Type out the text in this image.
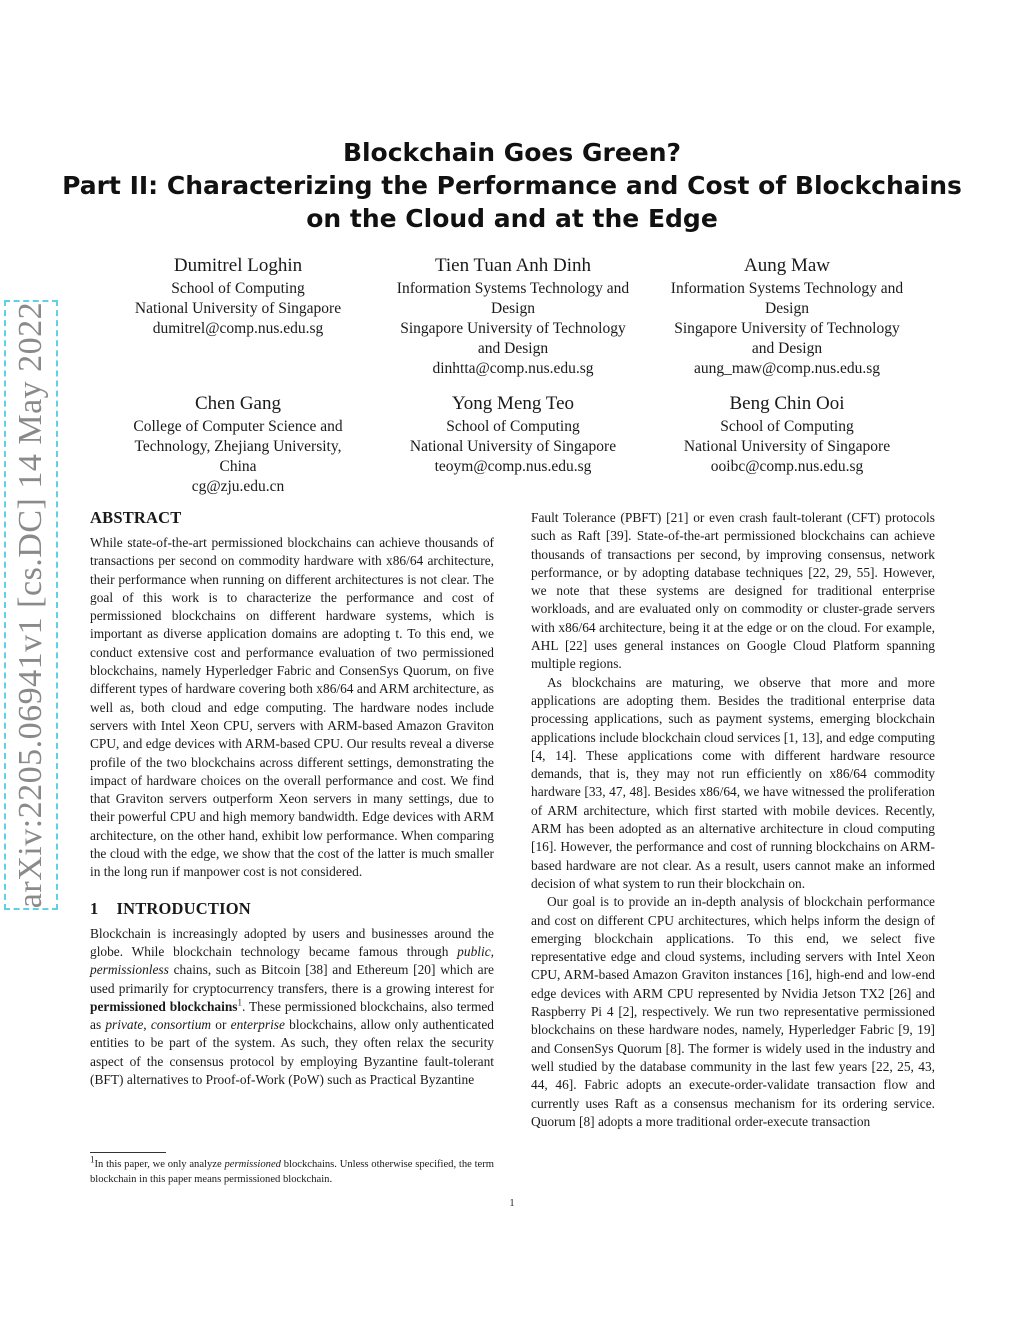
arXiv:2205.06941v1 [cs.DC] 14 May 2022
Blockchain Goes Green?
Part II: Characterizing the Performance and Cost of Blockchains
on the Cloud and at the Edge
Dumitrel Loghin
School of Computing
National University of Singapore
dumitrel@comp.nus.edu.sg
Tien Tuan Anh Dinh
Information Systems Technology and
Design
Singapore University of Technology
and Design
dinhtta@comp.nus.edu.sg
Aung Maw
Information Systems Technology and
Design
Singapore University of Technology
and Design
aung_maw@comp.nus.edu.sg
Chen Gang
College of Computer Science and
Technology, Zhejiang University,
China
cg@zju.edu.cn
Yong Meng Teo
School of Computing
National University of Singapore
teoym@comp.nus.edu.sg
Beng Chin Ooi
School of Computing
National University of Singapore
ooibc@comp.nus.edu.sg
ABSTRACT

While state-of-the-art permissioned blockchains can achieve thousands of transactions per second on commodity hardware with x86/64 architecture, their performance when running on different architectures is not clear. The goal of this work is to characterize the performance and cost of permissioned blockchains on different hardware systems, which is important as diverse application domains are adopting t. To this end, we conduct extensive cost and performance evaluation of two permissioned blockchains, namely Hyperledger Fabric and ConsenSys Quorum, on five different types of hardware covering both x86/64 and ARM architecture, as well as, both cloud and edge computing. The hardware nodes include servers with Intel Xeon CPU, servers with ARM-based Amazon Graviton CPU, and edge devices with ARM-based CPU. Our results reveal a diverse profile of the two blockchains across different settings, demonstrating the impact of hardware choices on the overall performance and cost. We find that Graviton servers outperform Xeon servers in many settings, due to their powerful CPU and high memory bandwidth. Edge devices with ARM architecture, on the other hand, exhibit low performance. When comparing the cloud with the edge, we show that the cost of the latter is much smaller in the long run if manpower cost is not considered.

1 INTRODUCTION

Blockchain is increasingly adopted by users and businesses around the globe. While blockchain technology became famous through public, permissionless chains, such as Bitcoin [38] and Ethereum [20] which are used primarily for cryptocurrency transfers, there is a growing interest for permissioned blockchains$^1$. These permissioned blockchains, also termed as private, consortium or enterprise blockchains, allow only authenticated entities to be part of the system. As such, they often relax the security aspect of the consensus protocol by employing Byzantine fault-tolerant (BFT) alternatives to Proof-of-Work (PoW) such as Practical Byzantine

$^1$In this paper, we only analyze permissioned blockchains. Unless otherwise specified, the term blockchain in this paper means permissioned blockchain.

Fault Tolerance (PBFT) [21] or even crash fault-tolerant (CFT) protocols such as Raft [39]. State-of-the-art permissioned blockchains can achieve thousands of transactions per second, by improving consensus, network performance, or by adopting database techniques [22, 29, 55]. However, we note that these systems are designed for traditional enterprise workloads, and are evaluated only on commodity or cluster-grade servers with x86/64 architecture, being it at the edge or on the cloud. For example, AHL [22] uses general instances on Google Cloud Platform spanning multiple regions.

As blockchains are maturing, we observe that more and more applications are adopting them. Besides the traditional enterprise data processing applications, such as payment systems, emerging blockchain applications include blockchain cloud services [1, 13], and edge computing [4, 14]. These applications come with different hardware resource demands, that is, they may not run efficiently on x86/64 commodity hardware [33, 47, 48]. Besides x86/64, we have witnessed the proliferation of ARM architecture, which first started with mobile devices. Recently, ARM has been adopted as an alternative architecture in cloud computing [16]. However, the performance and cost of running blockchains on ARM-based hardware are not clear. As a result, users cannot make an informed decision of what system to run their blockchain on.

Our goal is to provide an in-depth analysis of blockchain performance and cost on different CPU architectures, which helps inform the design of emerging blockchain applications. To this end, we select five representative edge and cloud systems, including servers with Intel Xeon CPU, ARM-based Amazon Graviton instances [16], high-end and low-end edge devices with ARM CPU represented by Nvidia Jetson TX2 [26] and Raspberry Pi 4 [2], respectively. We run two representative permissioned blockchains on these hardware nodes, namely, Hyperledger Fabric [9, 19] and ConsenSys Quorum [8]. The former is widely used in the industry and well studied by the database community in the last few years [22, 25, 43, 44, 46]. Fabric adopts an execute-order-validate transaction flow and currently uses Raft as a consensus mechanism for its ordering service. Quorum [8] adopts a more traditional order-execute transaction

1
